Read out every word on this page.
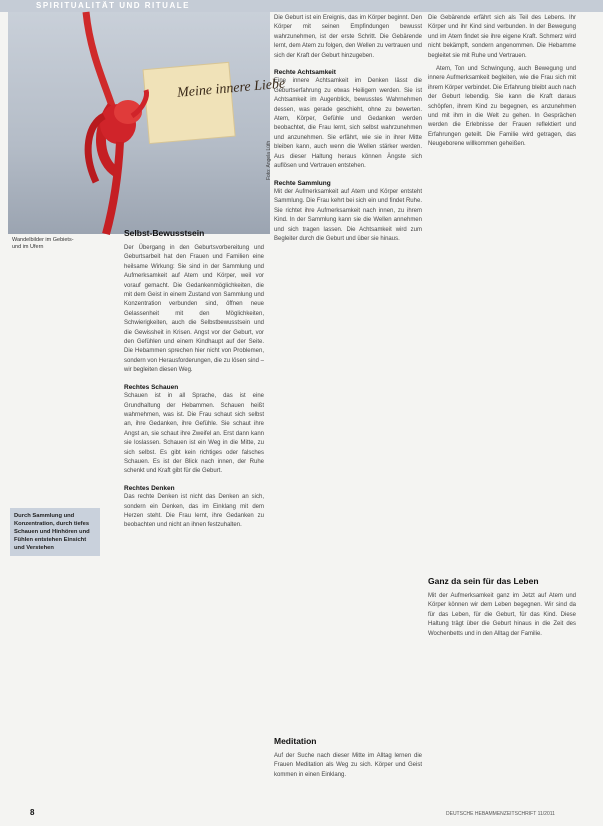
SPIRITUALITÄT UND RITUALE
Meine innere Liebe
Foto: Angela Lüth
Wandelbilder im Gebiets- und im Ufern
Durch Sammlung und Konzentration, durch tiefes Schauen und Hinhören und Fühlen entstehen Einsicht und Verstehen
Selbst-Bewusstsein

Der Übergang in den Geburtsvorbereitung und Geburtsarbeit hat den Frauen und Familien eine heilsame Wirkung: Sie sind in der Sammlung und Aufmerksamkeit auf Atem und Körper, weil vor vorauf gemacht. Die Gedankenmöglichkeiten, die mit dem Geist in einem Zustand von Sammlung und Konzentration verbunden sind, öffnen neue Gelassenheit mit den Möglichkeiten, Schwierigkeiten, auch die Selbstbewusstsein und die Gewissheit in Krisen. Angst vor der Geburt, vor den Gefühlen und einem Kindhaupt auf der Seite. Die Hebammen sprechen hier nicht von Problemen, sondern von Herausforderungen, die zu lösen sind – wir begleiten diesen Weg.

Rechtes Schauen

Schauen ist in all Sprache, das ist eine Grundhaltung der Hebammen. Schauen heißt wahrnehmen, was ist. Die Frau schaut sich selbst an, ihre Gedanken, ihre Gefühle. Sie schaut ihre Angst an, sie schaut ihre Zweifel an. Erst dann kann sie loslassen. Schauen ist ein Weg in die Mitte, zu sich selbst. Es gibt kein richtiges oder falsches Schauen. Es ist der Blick nach innen, der Ruhe schenkt und Kraft gibt für die Geburt.

Rechtes Denken

Das rechte Denken ist nicht das Denken an sich, sondern ein Denken, das im Einklang mit dem Herzen steht. Die Frau lernt, ihre Gedanken zu beobachten und nicht an ihnen festzuhalten.

Die Geburt ist ein Ereignis, das im Körper beginnt. Den Körper mit seinen Empfindungen bewusst wahrzunehmen, ist der erste Schritt. Die Gebärende lernt, dem Atem zu folgen, den Wellen zu vertrauen und sich der Kraft der Geburt hinzugeben.

Rechte Achtsamkeit

Eine innere Achtsamkeit im Denken lässt die Geburtserfahrung zu etwas Heiligem werden. Sie ist Achtsamkeit im Augenblick, bewusstes Wahrnehmen dessen, was gerade geschieht, ohne zu bewerten. Atem, Körper, Gefühle und Gedanken werden beobachtet, die Frau lernt, sich selbst wahrzunehmen und anzunehmen. Sie erfährt, wie sie in ihrer Mitte bleiben kann, auch wenn die Wellen stärker werden. Aus dieser Haltung heraus können Ängste sich auflösen und Vertrauen entstehen.

Rechte Sammlung

Mit der Aufmerksamkeit auf Atem und Körper entsteht Sammlung. Die Frau kehrt bei sich ein und findet Ruhe. Sie richtet ihre Aufmerksamkeit nach innen, zu ihrem Kind. In der Sammlung kann sie die Wellen annehmen und sich tragen lassen. Die Achtsamkeit wird zum Begleiter durch die Geburt und über sie hinaus.

Meditation

Auf der Suche nach dieser Mitte im Alltag lernen die Frauen Meditation als Weg zu sich. Körper und Geist kommen in einen Einklang.

Die Gebärende erfährt sich als Teil des Lebens. Ihr Körper und ihr Kind sind verbunden. In der Bewegung und im Atem findet sie ihre eigene Kraft. Schmerz wird nicht bekämpft, sondern angenommen. Die Hebamme begleitet sie mit Ruhe und Vertrauen.

Atem, Ton und Schwingung, auch Bewegung und innere Aufmerksamkeit begleiten, wie die Frau sich mit ihrem Körper verbindet. Die Erfahrung bleibt auch nach der Geburt lebendig. Sie kann die Kraft daraus schöpfen, ihrem Kind zu begegnen, es anzunehmen und mit ihm in die Welt zu gehen. In Gesprächen werden die Erlebnisse der Frauen reflektiert und Erfahrungen geteilt. Die Familie wird getragen, das Neugeborene willkommen geheißen.

Ganz da sein für das Leben

Mit der Aufmerksamkeit ganz im Jetzt auf Atem und Körper können wir dem Leben begegnen. Wir sind da für das Leben, für die Geburt, für das Kind. Diese Haltung trägt über die Geburt hinaus in die Zeit des Wochenbetts und in den Alltag der Familie.

8	DEUTSCHE HEBAMMENZEITSCHRIFT 11/2011
